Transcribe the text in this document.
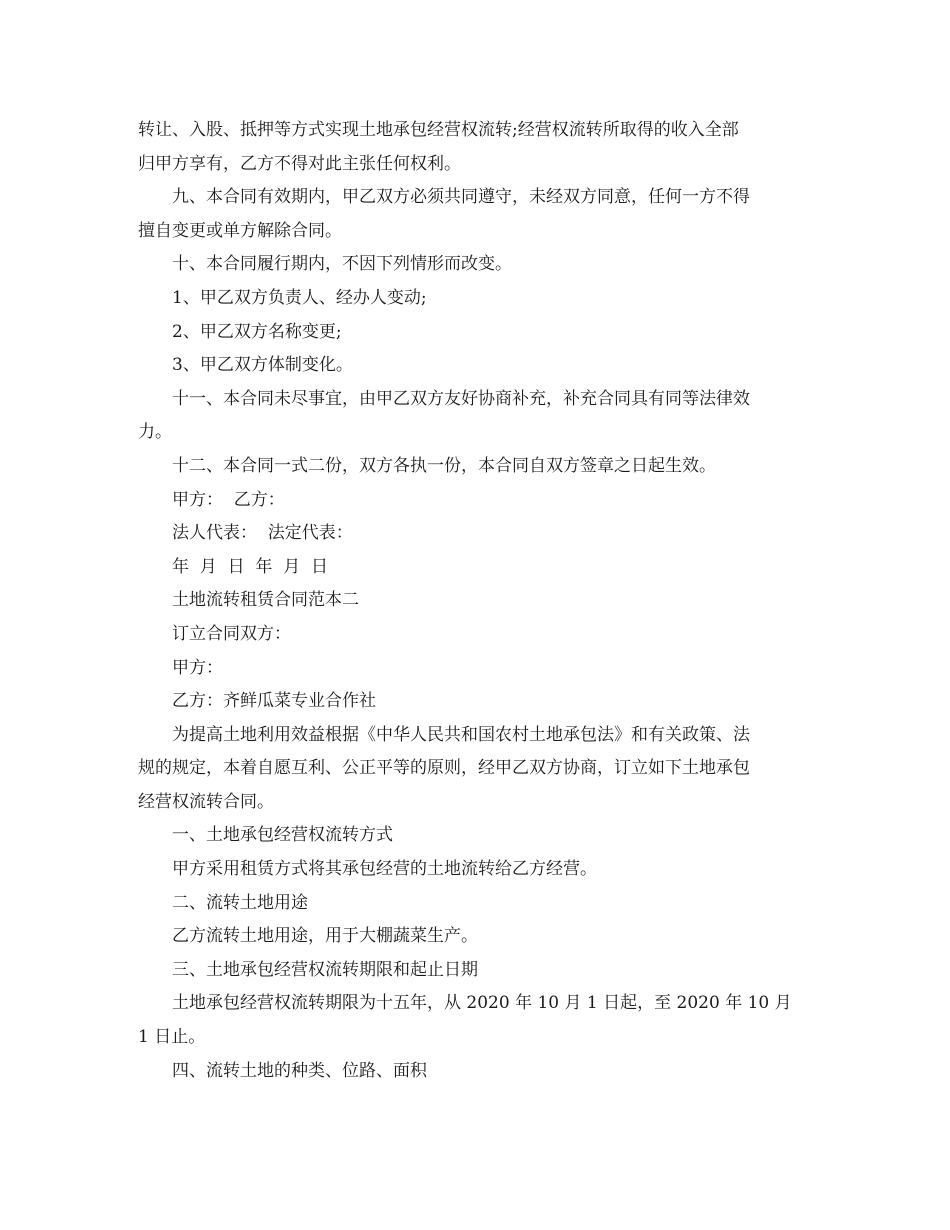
转让、入股、抵押等方式实现土地承包经营权流转;经营权流转所取得的收入全部
归甲方享有，乙方不得对此主张任何权利。

九、本合同有效期内，甲乙双方必须共同遵守，未经双方同意，任何一方不得
擅自变更或单方解除合同。

十、本合同履行期内，不因下列情形而改变。

1、甲乙双方负责人、经办人变动;

2、甲乙双方名称变更;

3、甲乙双方体制变化。

十一、本合同未尽事宜，由甲乙双方友好协商补充，补充合同具有同等法律效
力。

十二、本合同一式二份，双方各执一份，本合同自双方签章之日起生效。

甲方：  乙方：

法人代表：  法定代表：

年  月  日  年  月  日

土地流转租赁合同范本二

订立合同双方：

甲方：

乙方：齐鲜瓜菜专业合作社

为提高土地利用效益根据《中华人民共和国农村土地承包法》和有关政策、法
规的规定，本着自愿互利、公正平等的原则，经甲乙双方协商，订立如下土地承包
经营权流转合同。

一、土地承包经营权流转方式

甲方采用租赁方式将其承包经营的土地流转给乙方经营。

二、流转土地用途

乙方流转土地用途，用于大棚蔬菜生产。

三、土地承包经营权流转期限和起止日期

土地承包经营权流转期限为十五年，从 2020 年 10 月 1 日起，至 2020 年 10 月
1 日止。

四、流转土地的种类、位路、面积
